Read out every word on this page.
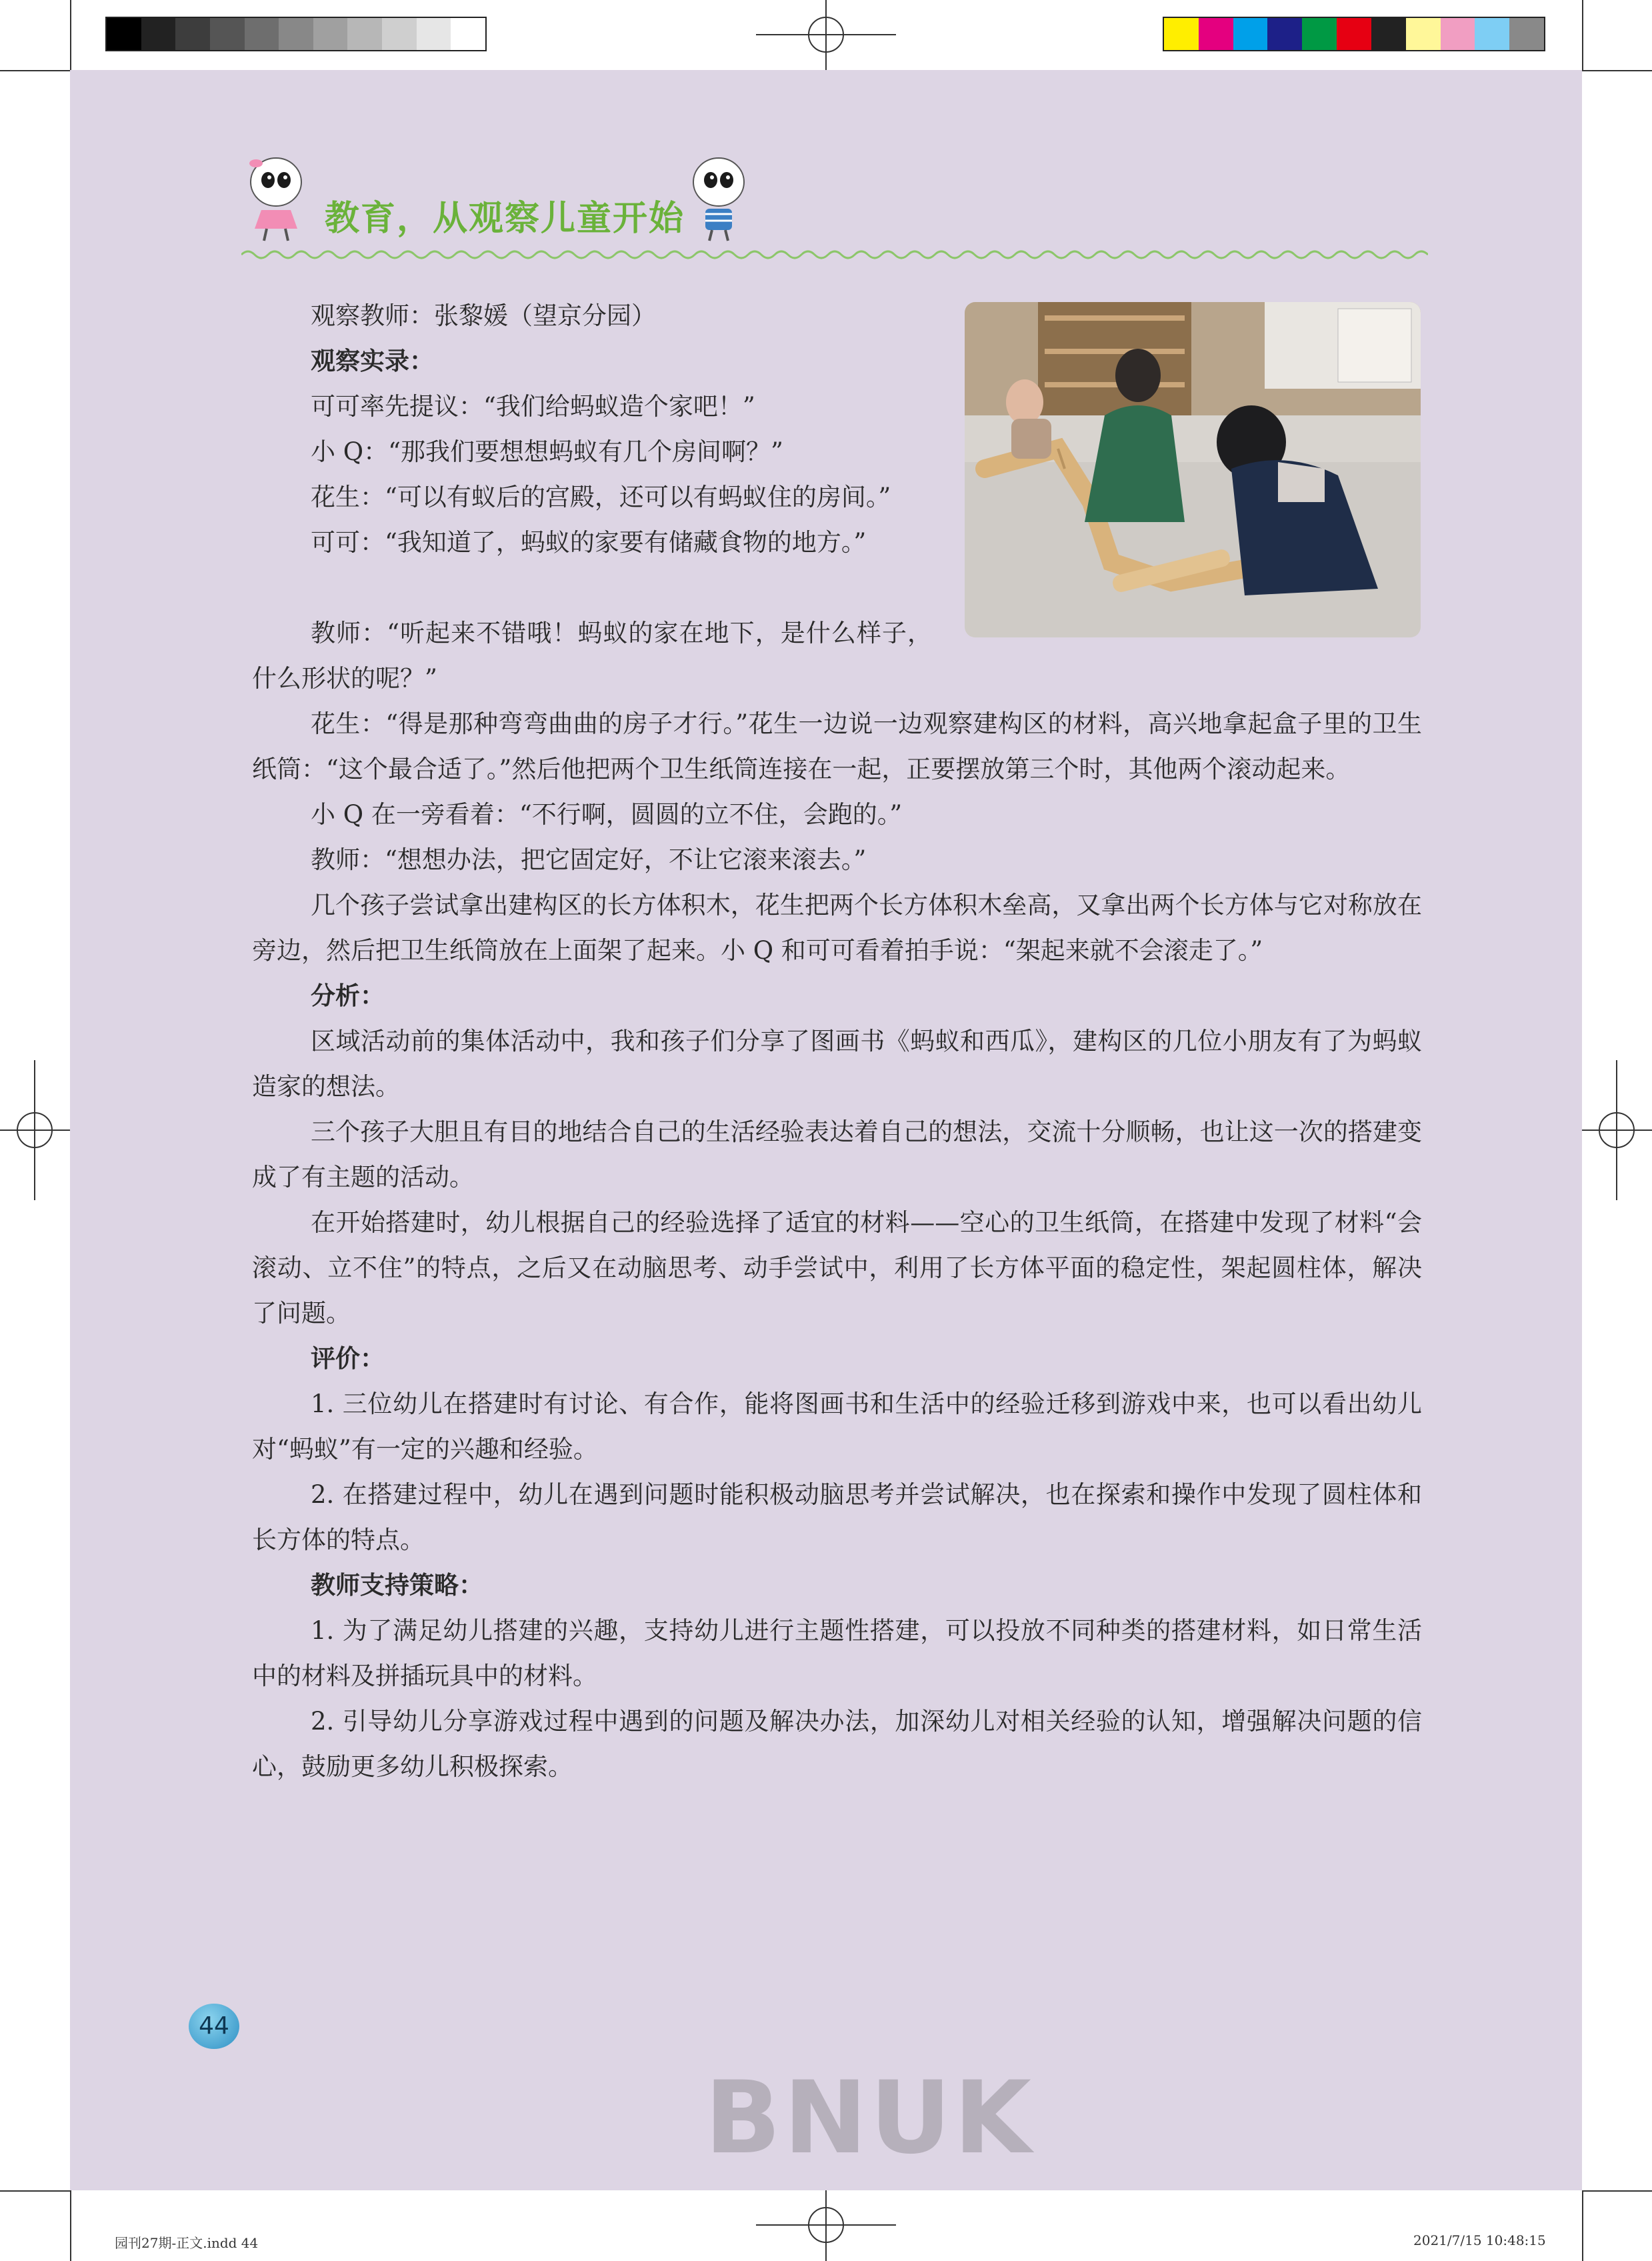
教育，从观察儿童开始

观察教师：张黎媛（望京分园）

观察实录：

可可率先提议：“我们给蚂蚁造个家吧！”

小 Q：“那我们要想想蚂蚁有几个房间啊？”

花生：“可以有蚁后的宫殿，还可以有蚂蚁住的房间。”

可可：“我知道了，蚂蚁的家要有储藏食物的地方。”

教师：“听起来不错哦！蚂蚁的家在地下，是什么样子，什么形状的呢？”

花生：“得是那种弯弯曲曲的房子才行。”花生一边说一边观察建构区的材料，高兴地拿起盒子里的卫生纸筒：“这个最合适了。”然后他把两个卫生纸筒连接在一起，正要摆放第三个时，其他两个滚动起来。

小 Q 在一旁看着：“不行啊，圆圆的立不住，会跑的。”

教师：“想想办法，把它固定好，不让它滚来滚去。”

几个孩子尝试拿出建构区的长方体积木，花生把两个长方体积木垒高，又拿出两个长方体与它对称放在旁边，然后把卫生纸筒放在上面架了起来。小 Q 和可可看着拍手说：“架起来就不会滚走了。”

分析：

区域活动前的集体活动中，我和孩子们分享了图画书《蚂蚁和西瓜》，建构区的几位小朋友有了为蚂蚁造家的想法。

三个孩子大胆且有目的地结合自己的生活经验表达着自己的想法，交流十分顺畅，也让这一次的搭建变成了有主题的活动。

在开始搭建时，幼儿根据自己的经验选择了适宜的材料——空心的卫生纸筒，在搭建中发现了材料“会滚动、立不住”的特点，之后又在动脑思考、动手尝试中，利用了长方体平面的稳定性，架起圆柱体，解决了问题。

评价：

1. 三位幼儿在搭建时有讨论、有合作，能将图画书和生活中的经验迁移到游戏中来，也可以看出幼儿对“蚂蚁”有一定的兴趣和经验。

2. 在搭建过程中，幼儿在遇到问题时能积极动脑思考并尝试解决，也在探索和操作中发现了圆柱体和长方体的特点。

教师支持策略：

1. 为了满足幼儿搭建的兴趣，支持幼儿进行主题性搭建，可以投放不同种类的搭建材料，如日常生活中的材料及拼插玩具中的材料。

2. 引导幼儿分享游戏过程中遇到的问题及解决办法，加深幼儿对相关经验的认知，增强解决问题的信心，鼓励更多幼儿积极探索。

44
BNUK
园刊27期-正文.indd 44	2021/7/15 10:48:15
